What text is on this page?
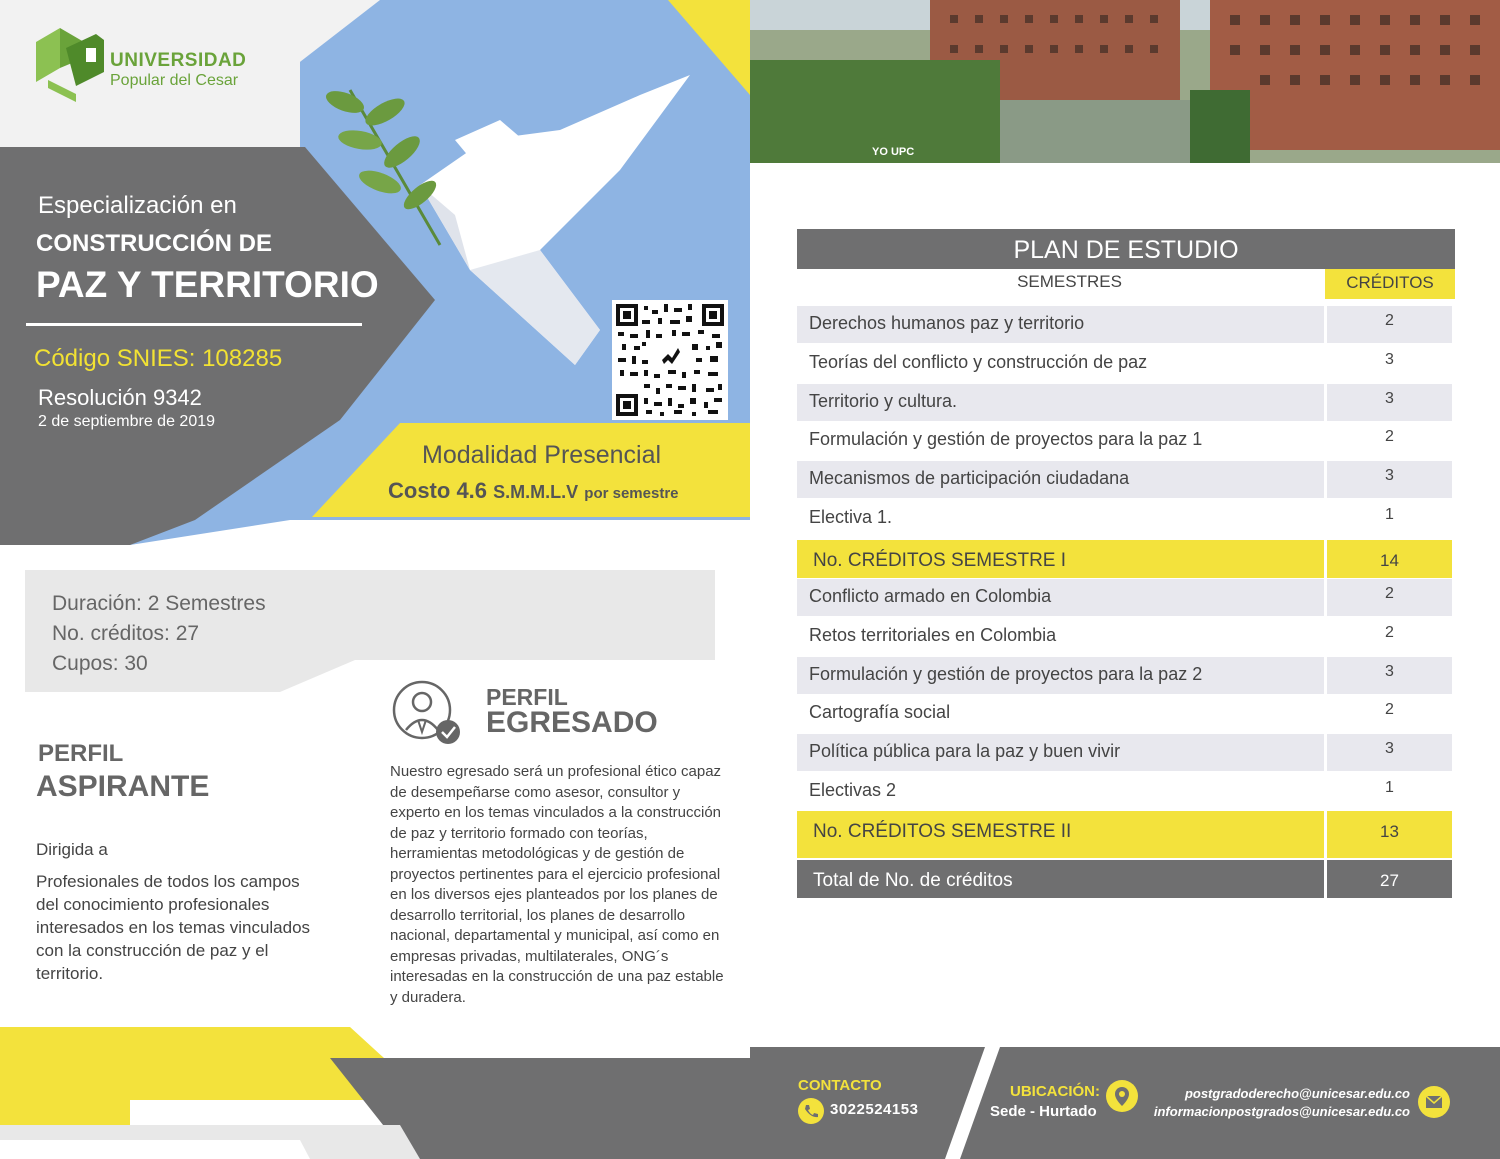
UNIVERSIDAD
Popular del Cesar
Especialización en
CONSTRUCCIÓN DE
PAZ Y TERRITORIO
Código SNIES: 108285
Resolución 9342
2 de septiembre de 2019
Modalidad Presencial
Costo 4.6 S.M.M.L.V por semestre
Duración: 2 Semestres
No. créditos: 27
Cupos: 30
PERFIL
ASPIRANTE
Dirigida a
Profesionales de todos los campos del conocimiento profesionales interesados en los temas vinculados con la construcción de paz y el territorio.
PERFIL
EGRESADO
Nuestro egresado será un profesional ético capaz de desempeñarse como asesor, consultor y experto en los temas vinculados a la construcción de paz y territorio formado con teorías, herramientas metodológicas y de gestión de proyectos pertinentes para el ejercicio profesional en los diversos ejes planteados por los planes de desarrollo territorial, los planes de desarrollo nacional, departamental y municipal, así como en empresas privadas, multilaterales, ONG´s interesadas en la construcción de una paz estable y duradera.
YO UPC
PLAN DE ESTUDIO
SEMESTRES	CRÉDITOS
Derechos humanos paz y territorio	2
Teorías del conflicto y construcción de paz	3
Territorio y cultura.	3
Formulación y gestión de proyectos para la paz 1	2
Mecanismos de participación ciudadana	3
Electiva 1.	1
No. CRÉDITOS SEMESTRE I	14
Conflicto armado en Colombia	2
Retos territoriales en Colombia	2
Formulación y gestión de proyectos para la paz 2	3
Cartografía social	2
Política pública para la paz y buen vivir	3
Electivas 2	1
No. CRÉDITOS SEMESTRE II	13
Total de No. de créditos	27
CONTACTO
3022524153
UBICACIÓN:
Sede - Hurtado
postgradoderecho@unicesar.edu.co
informacionpostgrados@unicesar.edu.co
